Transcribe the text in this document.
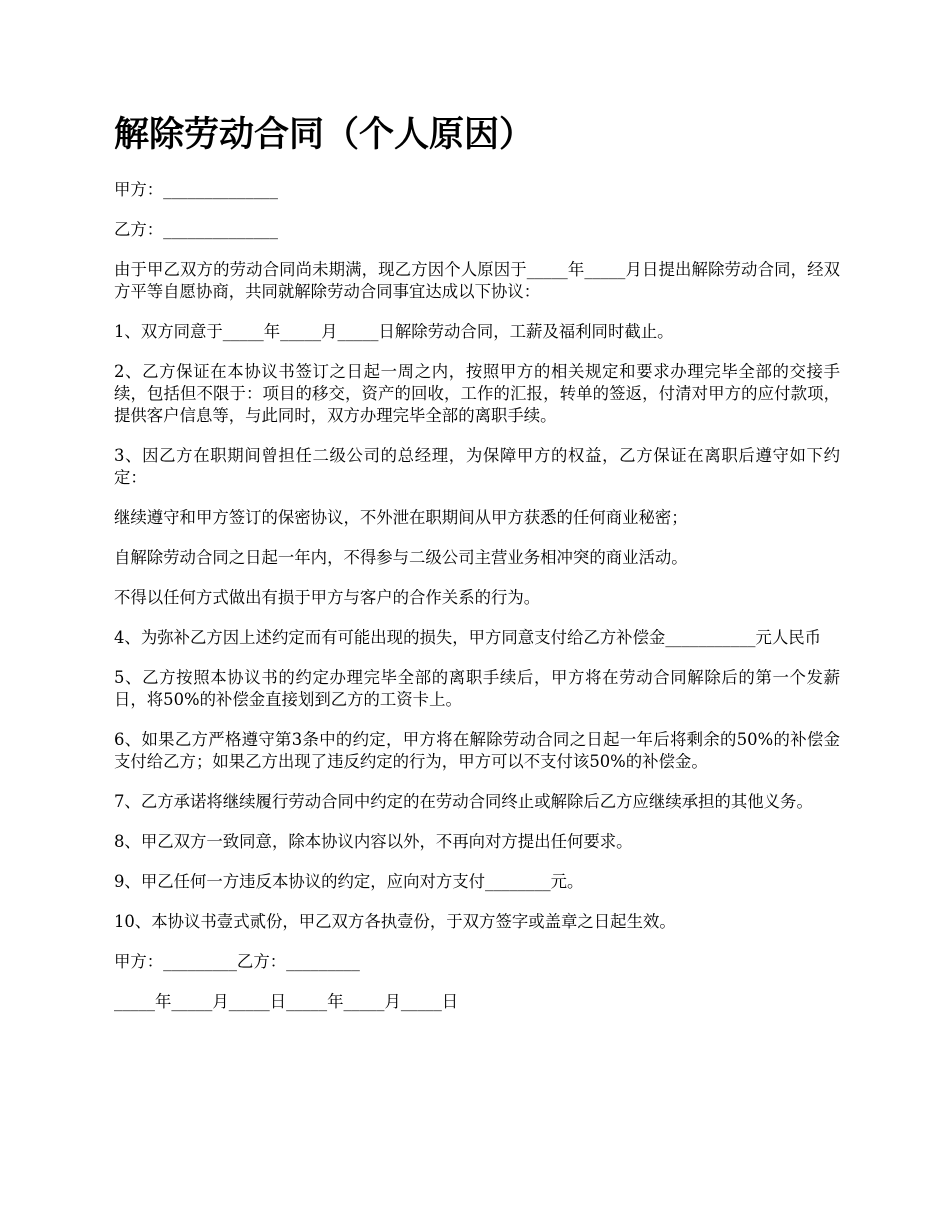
解除劳动合同（个人原因）

甲方：______________

乙方：______________

由于甲乙双方的劳动合同尚未期满，现乙方因个人原因于_____年_____月日提出解除劳动合同，经双方平等自愿协商，共同就解除劳动合同事宜达成以下协议：

1、双方同意于_____年_____月_____日解除劳动合同，工薪及福利同时截止。

2、乙方保证在本协议书签订之日起一周之内，按照甲方的相关规定和要求办理完毕全部的交接手续，包括但不限于：项目的移交，资产的回收，工作的汇报，转单的签返，付清对甲方的应付款项，提供客户信息等，与此同时，双方办理完毕全部的离职手续。

3、因乙方在职期间曾担任二级公司的总经理，为保障甲方的权益，乙方保证在离职后遵守如下约定：

继续遵守和甲方签订的保密协议，不外泄在职期间从甲方获悉的任何商业秘密；

自解除劳动合同之日起一年内，不得参与二级公司主营业务相冲突的商业活动。

不得以任何方式做出有损于甲方与客户的合作关系的行为。

4、为弥补乙方因上述约定而有可能出现的损失，甲方同意支付给乙方补偿金___________元人民币

5、乙方按照本协议书的约定办理完毕全部的离职手续后，甲方将在劳动合同解除后的第一个发薪日，将50%的补偿金直接划到乙方的工资卡上。

6、如果乙方严格遵守第3条中的约定，甲方将在解除劳动合同之日起一年后将剩余的50%的补偿金支付给乙方；如果乙方出现了违反约定的行为，甲方可以不支付该50%的补偿金。

7、乙方承诺将继续履行劳动合同中约定的在劳动合同终止或解除后乙方应继续承担的其他义务。

8、甲乙双方一致同意，除本协议内容以外，不再向对方提出任何要求。

9、甲乙任何一方违反本协议的约定，应向对方支付________元。

10、本协议书壹式贰份，甲乙双方各执壹份，于双方签字或盖章之日起生效。

甲方：_________乙方：_________

_____年_____月_____日_____年_____月_____日
